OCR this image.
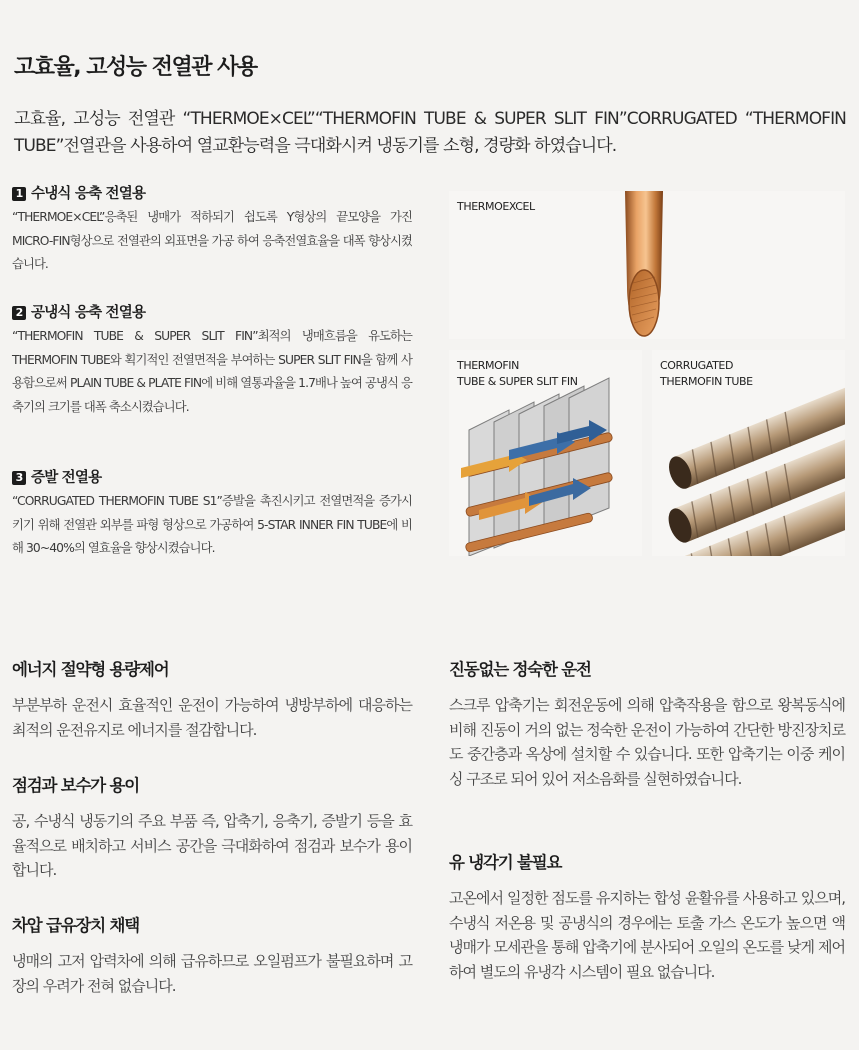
고효율, 고성능 전열관 사용

고효율, 고성능 전열관 “THERMOE×CEL”“THERMOFIN TUBE & SUPER SLIT FIN”CORRUGATED “THERMOFIN TUBE”전열관을 사용하여 열교환능력을 극대화시켜 냉동기를 소형, 경량화 하였습니다.

1 수냉식 응축 전열용

“THERMOE×CEL”응축된 냉매가 적하되기 쉽도록 Y형상의 끝모양을 가진 MICRO-FIN형상으로 전열관의 외표면을 가공 하여 응축전열효율을 대폭 향상시켰습니다.

2 공냉식 응축 전열용

“THERMOFIN TUBE & SUPER SLIT FIN”최적의 냉매흐름을 유도하는 THERMOFIN TUBE와 획기적인 전열면적을 부여하는 SUPER SLIT FIN을 함께 사용함으로써 PLAIN TUBE & PLATE FIN에 비해 열통과율을 1.7배나 높여 공냉식 응축기의 크기를 대폭 축소시켰습니다.

3 증발 전열용

“CORRUGATED THERMOFIN TUBE S1”증발을 촉진시키고 전열면적을 증가시키기 위해 전열관 외부를 파형 형상으로 가공하여 5-STAR INNER FIN TUBE에 비해 30~40%의 열효율을 향상시켰습니다.

THERMOEXCEL
THERMOFIN
TUBE & SUPER SLIT FIN
CORRUGATED
THERMOFIN TUBE

에너지 절약형 용량제어

부분부하 운전시 효율적인 운전이 가능하여 냉방부하에 대응하는 최적의 운전유지로 에너지를 절감합니다.

점검과 보수가 용이

공, 수냉식 냉동기의 주요 부품 즉, 압축기, 응축기, 증발기 등을 효율적으로 배치하고 서비스 공간을 극대화하여 점검과 보수가 용이합니다.

차압 급유장치 채택

냉매의 고저 압력차에 의해 급유하므로 오일펌프가 불필요하며 고장의 우려가 전혀 없습니다.

진동없는 정숙한 운전

스크루 압축기는 회전운동에 의해 압축작용을 함으로 왕복동식에 비해 진동이 거의 없는 정숙한 운전이 가능하여 간단한 방진장치로도 중간층과 옥상에 설치할 수 있습니다. 또한 압축기는 이중 케이싱 구조로 되어 있어 저소음화를 실현하였습니다.

유 냉각기 불필요

고온에서 일정한 점도를 유지하는 합성 윤활유를 사용하고 있으며, 수냉식 저온용 및 공냉식의 경우에는 토출 가스 온도가 높으면 액냉매가 모세관을 통해 압축기에 분사되어 오일의 온도를 낮게 제어하여 별도의 유냉각 시스템이 필요 없습니다.
